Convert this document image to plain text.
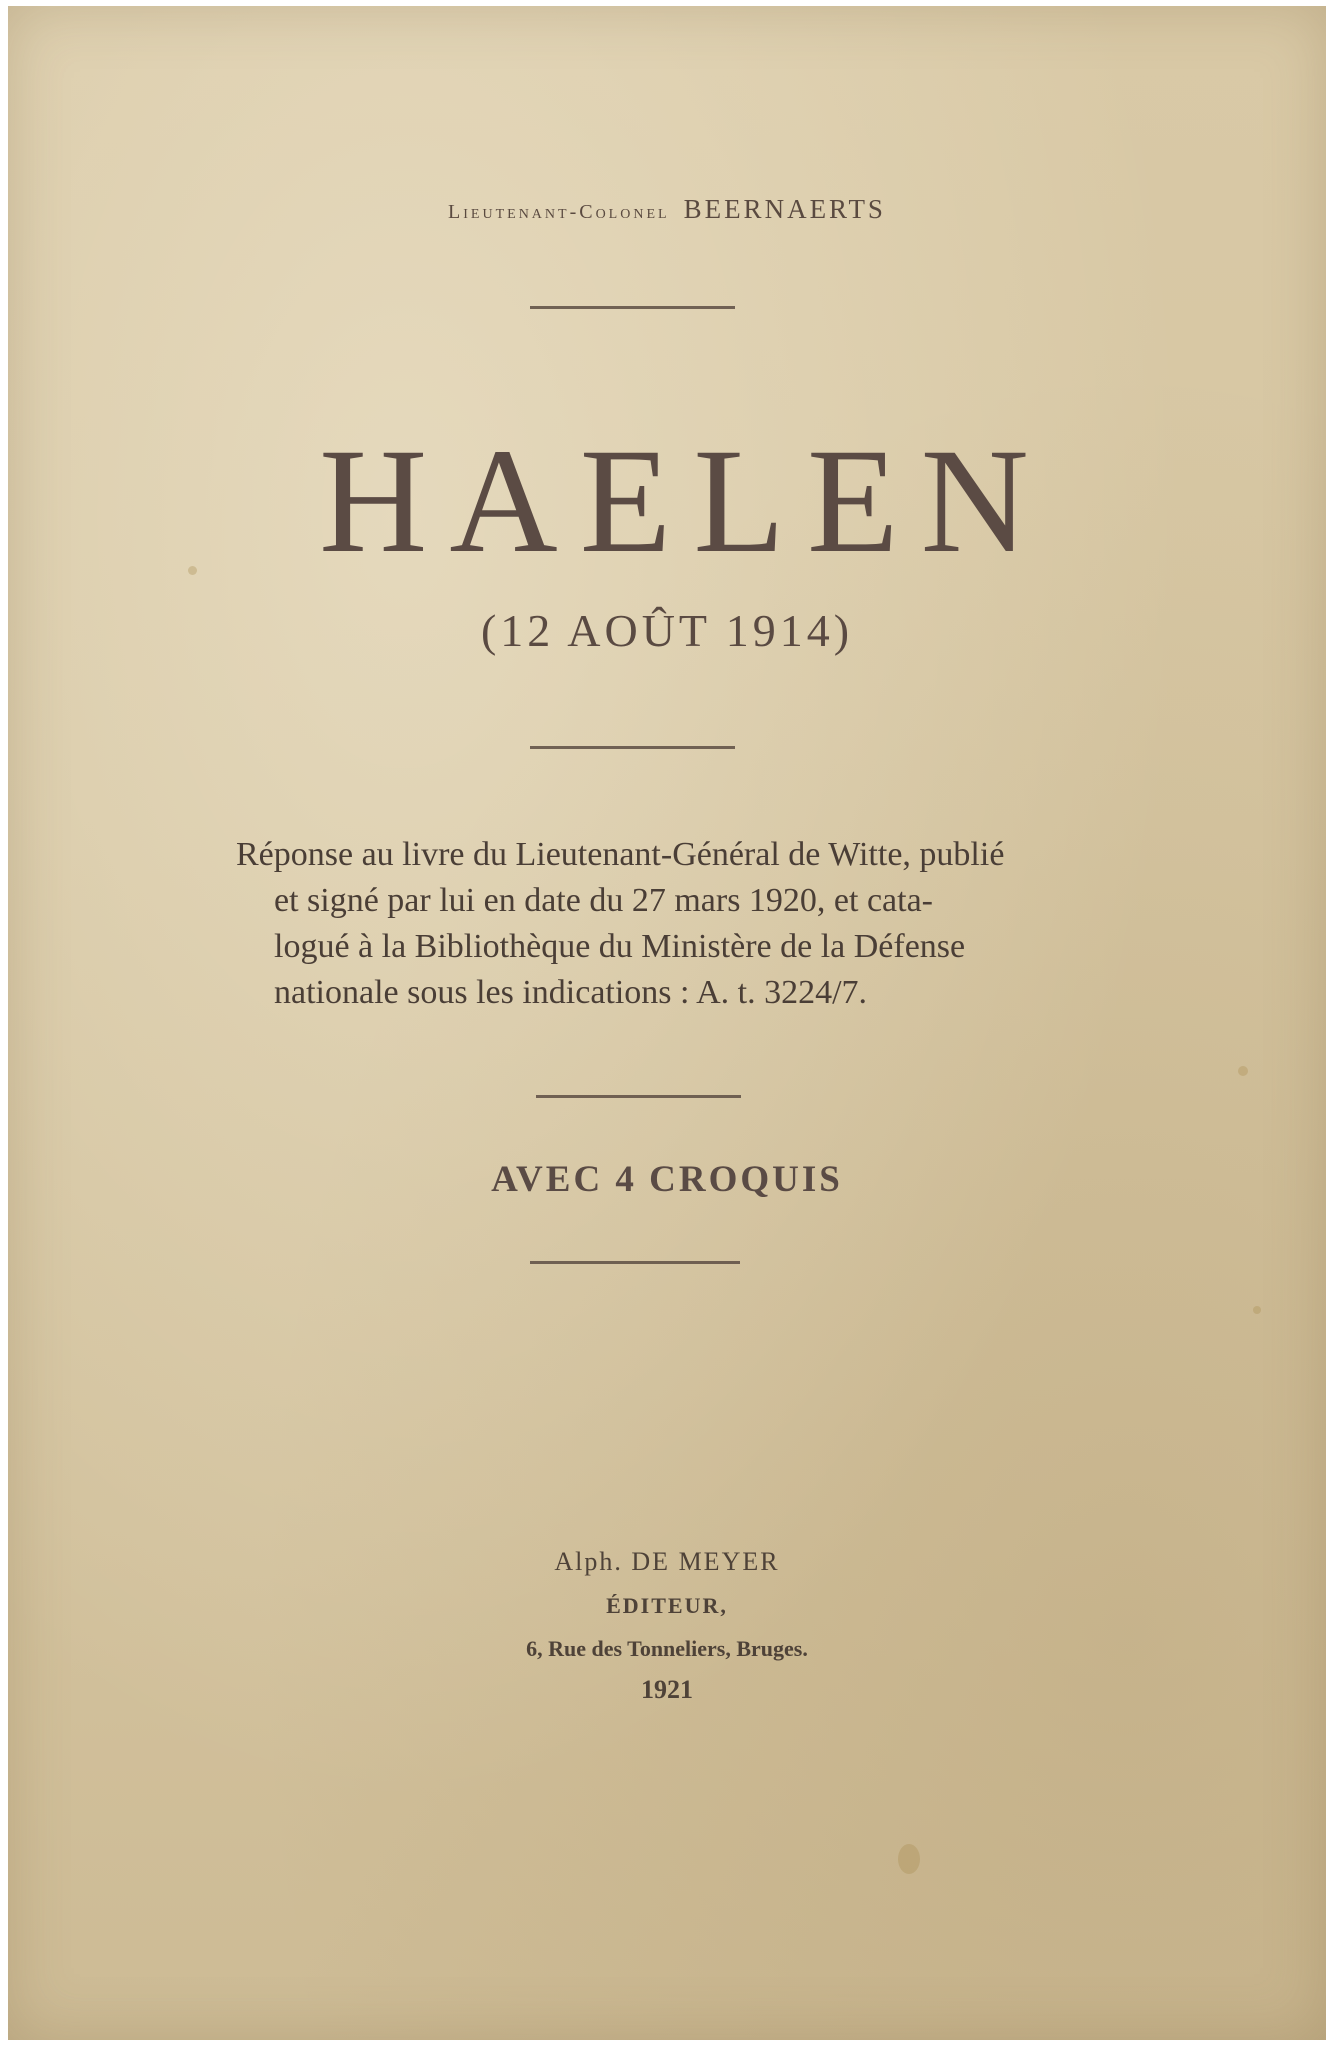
Lieutenant-Colonel BEERNAERTS
HAELEN
(12 AOÛT 1914)
Réponse au livre du Lieutenant-Général de Witte, publié
et signé par lui en date du 27 mars 1920, et cata-
logué à la Bibliothèque du Ministère de la Défense
nationale sous les indications : A. t. 3224/7.
AVEC 4 CROQUIS
Alph. DE MEYER
ÉDITEUR,
6, Rue des Tonneliers, Bruges.
1921
